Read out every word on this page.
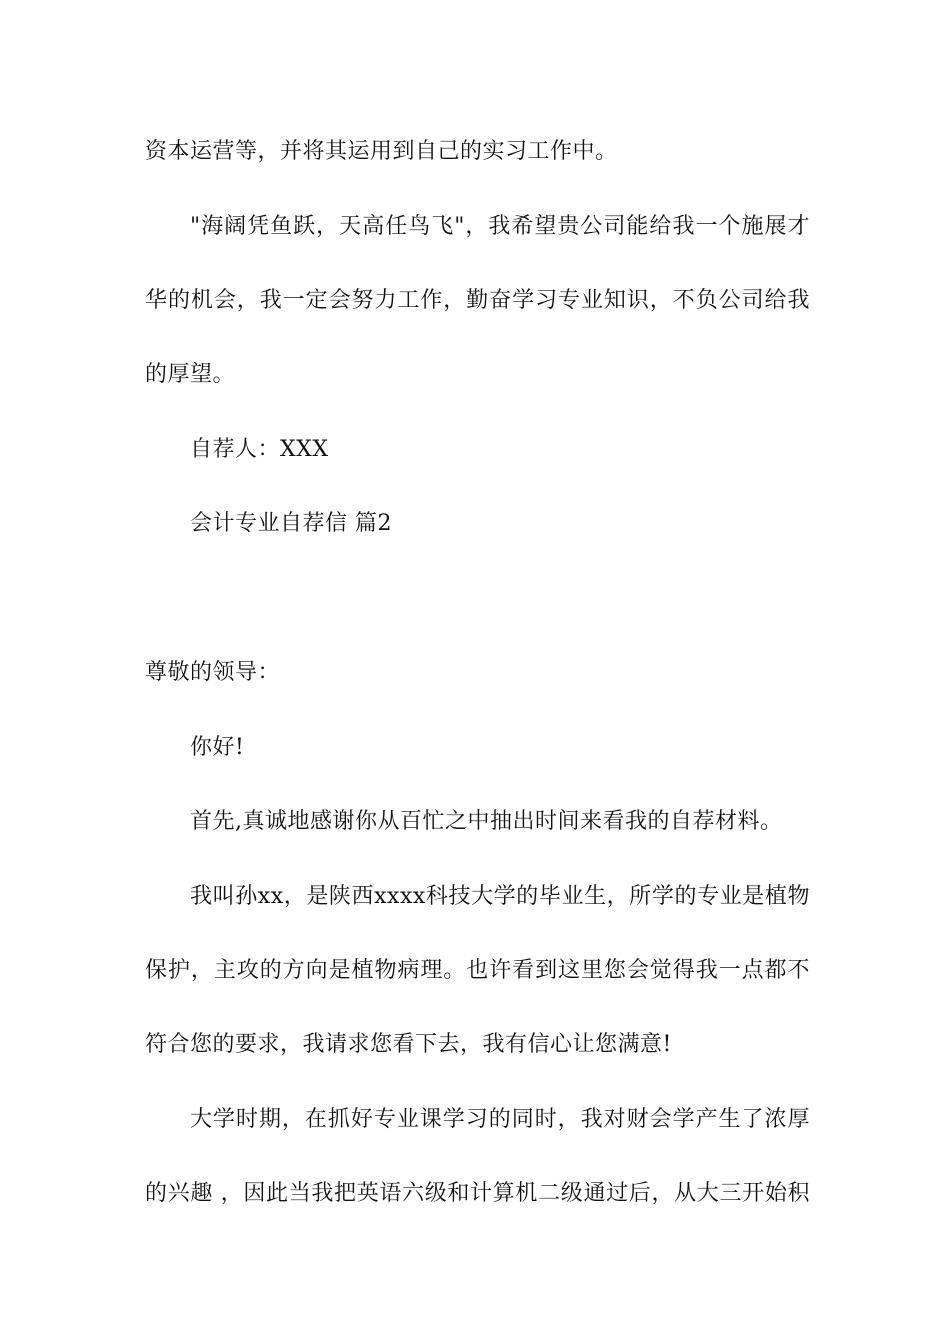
资本运营等，并将其运用到自己的实习工作中。
"海阔凭鱼跃，天高任鸟飞"，我希望贵公司能给我一个施展才
华的机会，我一定会努力工作，勤奋学习专业知识，不负公司给我
的厚望。
自荐人：XXX
会计专业自荐信 篇2
尊敬的领导：
你好!
首先,真诚地感谢你从百忙之中抽出时间来看我的自荐材料。
我叫孙xx，是陕西xxxx科技大学的毕业生，所学的专业是植物
保护，主攻的方向是植物病理。也许看到这里您会觉得我一点都不
符合您的要求，我请求您看下去，我有信心让您满意!
大学时期，在抓好专业课学习的同时，我对财会学产生了浓厚
的兴趣 ，因此当我把英语六级和计算机二级通过后，从大三开始积
